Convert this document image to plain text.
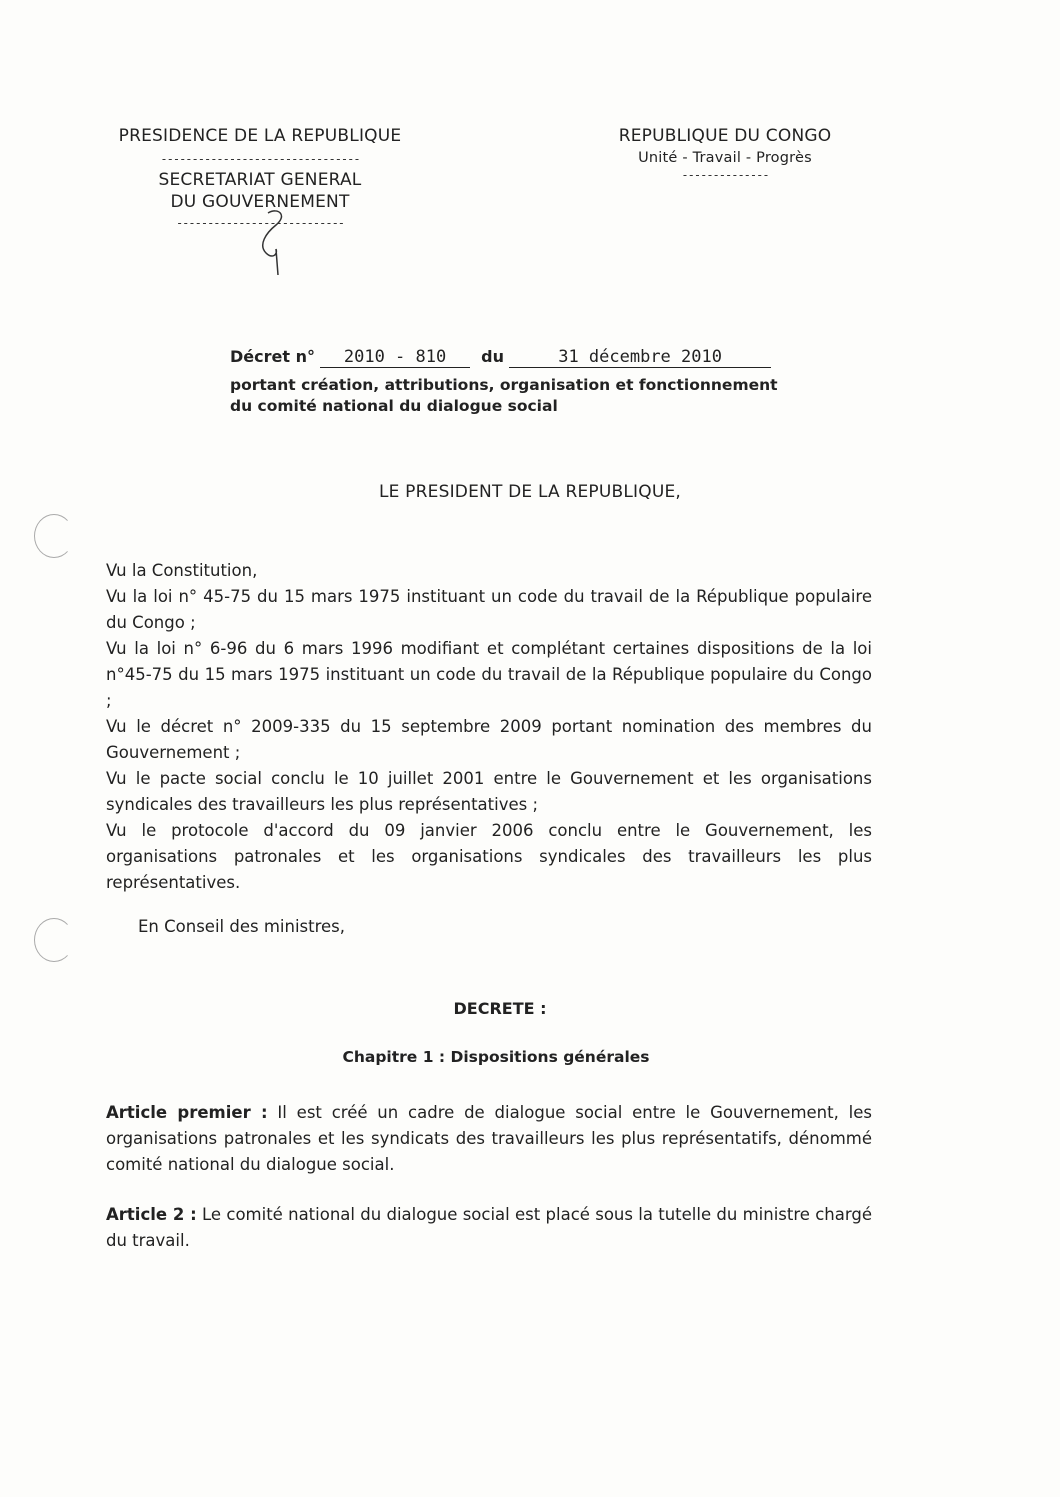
PRESIDENCE DE LA REPUBLIQUE
--------------------------------
SECRETARIAT GENERAL
DU GOUVERNEMENT
---------------------------
REPUBLIQUE DU CONGO
Unité - Travail - Progrès
--------------
Décret n° 2010 - 810 du	31 décembre 2010
portant création, attributions, organisation et fonctionnement
du comité national du dialogue social
LE PRESIDENT DE LA REPUBLIQUE,

Vu la Constitution,

Vu la loi n° 45-75 du 15 mars 1975 instituant un code du travail de la République populaire du Congo ;

Vu la loi n° 6-96 du 6 mars 1996 modifiant et complétant certaines dispositions de la loi n°45-75 du 15 mars 1975 instituant un code du travail de la République populaire du Congo ;

Vu le décret n° 2009-335 du 15 septembre 2009 portant nomination des membres du Gouvernement ;

Vu le pacte social conclu le 10 juillet 2001 entre le Gouvernement et les organisations syndicales des travailleurs les plus représentatives ;

Vu le protocole d'accord du 09 janvier 2006 conclu entre le Gouvernement, les organisations patronales et les organisations syndicales des travailleurs les plus représentatives.

En Conseil des ministres,
DECRETE :
Chapitre 1 : Dispositions générales
Article premier : Il est créé un cadre de dialogue social entre le Gouvernement, les organisations patronales et les syndicats des travailleurs les plus représentatifs, dénommé comité national du dialogue social.
Article 2 : Le comité national du dialogue social est placé sous la tutelle du ministre chargé du travail.
